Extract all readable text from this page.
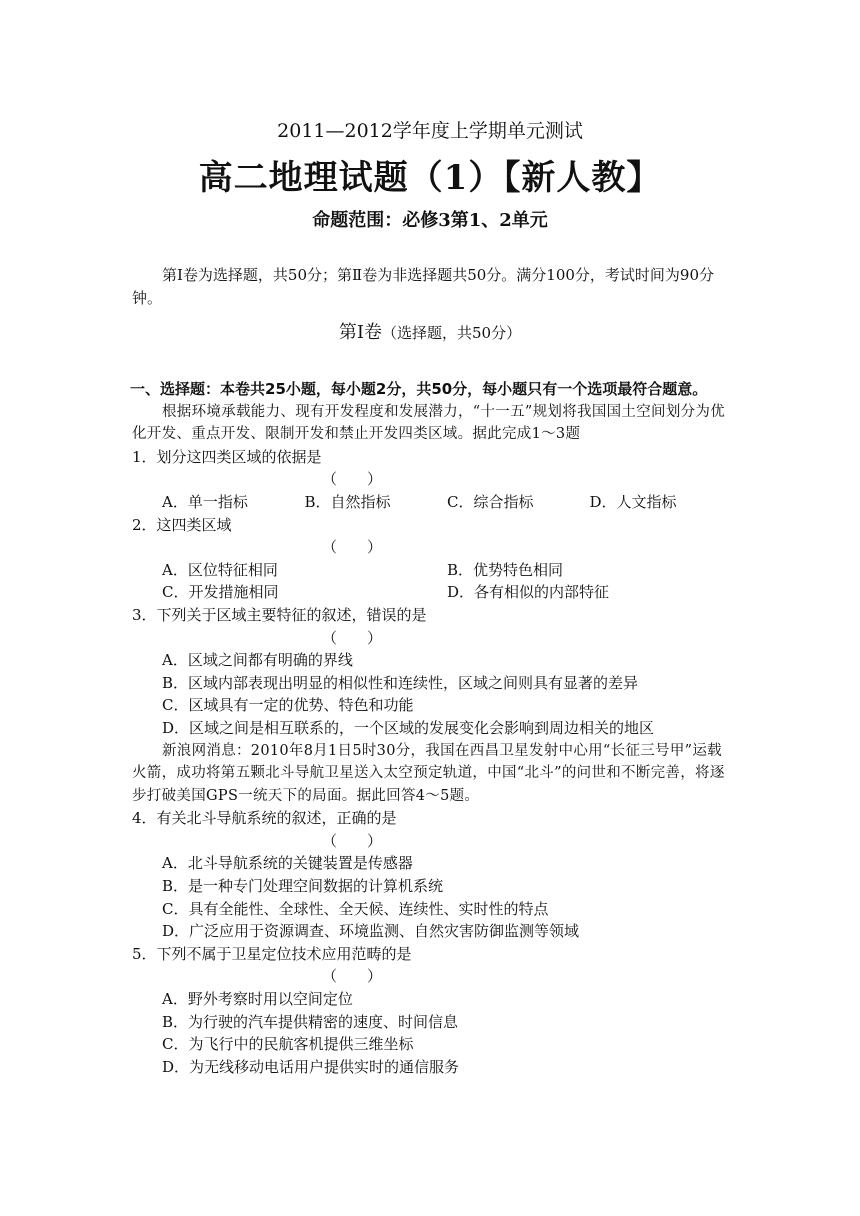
2011—2012学年度上学期单元测试
高二地理试题（1）【新人教】
命题范围：必修3第1、2单元
第Ⅰ卷为选择题，共50分；第Ⅱ卷为非选择题共50分。满分100分，考试时间为90分钟。
第Ⅰ卷（选择题，共50分）
一、选择题：本卷共25小题，每小题2分，共50分，每小题只有一个选项最符合题意。
根据环境承载能力、现有开发程度和发展潜力，“十一五”规划将我国国土空间划分为优化开发、重点开发、限制开发和禁止开发四类区域。据此完成1～3题
1．划分这四类区域的依据是
（　　）
A．单一指标	B．自然指标	C．综合指标	D．人文指标
2．这四类区域
（　　）
A．区位特征相同	B．优势特色相同
C．开发措施相同	D．各有相似的内部特征
3．下列关于区域主要特征的叙述，错误的是
（　　）
A．区域之间都有明确的界线
B．区域内部表现出明显的相似性和连续性，区域之间则具有显著的差异
C．区域具有一定的优势、特色和功能
D．区域之间是相互联系的，一个区域的发展变化会影响到周边相关的地区
新浪网消息：2010年8月1日5时30分，我国在西昌卫星发射中心用“长征三号甲”运载火箭，成功将第五颗北斗导航卫星送入太空预定轨道，中国“北斗”的问世和不断完善，将逐步打破美国GPS一统天下的局面。据此回答4～5题。
4．有关北斗导航系统的叙述，正确的是
（　　）
A．北斗导航系统的关键装置是传感器
B．是一种专门处理空间数据的计算机系统
C．具有全能性、全球性、全天候、连续性、实时性的特点
D．广泛应用于资源调查、环境监测、自然灾害防御监测等领域
5．下列不属于卫星定位技术应用范畴的是
（　　）
A．野外考察时用以空间定位
B．为行驶的汽车提供精密的速度、时间信息
C．为飞行中的民航客机提供三维坐标
D．为无线移动电话用户提供实时的通信服务
